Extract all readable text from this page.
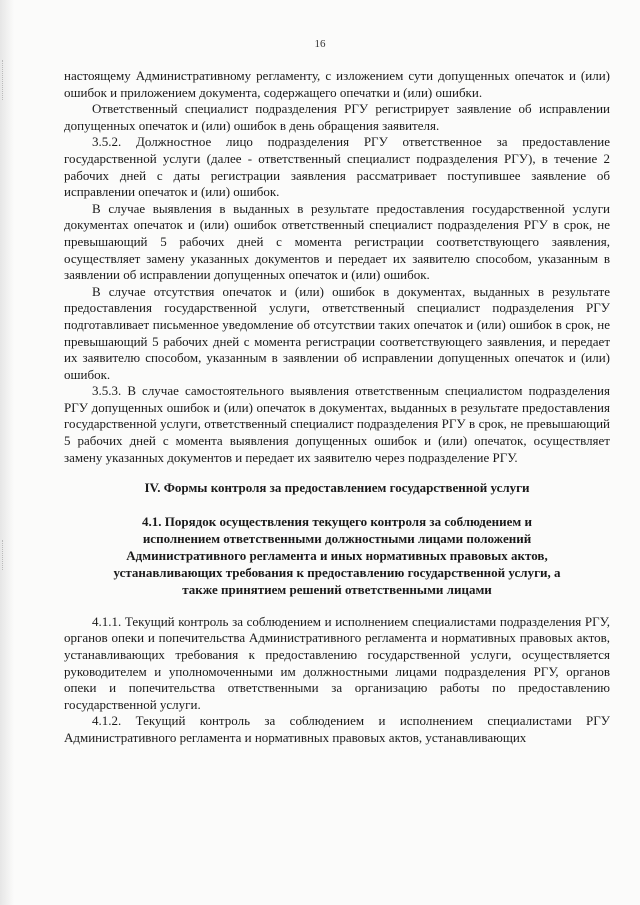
16

настоящему Административному регламенту, с изложением сути допущенных опечаток и (или) ошибок и приложением документа, содержащего опечатки и (или) ошибки.

Ответственный специалист подразделения РГУ регистрирует заявление об исправлении допущенных опечаток и (или) ошибок в день обращения заявителя.

3.5.2. Должностное лицо подразделения РГУ ответственное за предоставление государственной услуги (далее - ответственный специалист подразделения РГУ), в течение 2 рабочих дней с даты регистрации заявления рассматривает поступившее заявление об исправлении опечаток и (или) ошибок.

В случае выявления в выданных в результате предоставления государственной услуги документах опечаток и (или) ошибок ответственный специалист подразделения РГУ в срок, не превышающий 5 рабочих дней с момента регистрации соответствующего заявления, осуществляет замену указанных документов и передает их заявителю способом, указанным в заявлении об исправлении допущенных опечаток и (или) ошибок.

В случае отсутствия опечаток и (или) ошибок в документах, выданных в результате предоставления государственной услуги, ответственный специалист подразделения РГУ подготавливает письменное уведомление об отсутствии таких опечаток и (или) ошибок в срок, не превышающий 5 рабочих дней с момента регистрации соответствующего заявления, и передает их заявителю способом, указанным в заявлении об исправлении допущенных опечаток и (или) ошибок.

3.5.3. В случае самостоятельного выявления ответственным специалистом подразделения РГУ допущенных ошибок и (или) опечаток в документах, выданных в результате предоставления государственной услуги, ответственный специалист подразделения РГУ в срок, не превышающий 5 рабочих дней с момента выявления допущенных ошибок и (или) опечаток, осуществляет замену указанных документов и передает их заявителю через подразделение РГУ.

IV. Формы контроля за предоставлением государственной услуги

4.1. Порядок осуществления текущего контроля за соблюдением и исполнением ответственными должностными лицами положений Административного регламента и иных нормативных правовых актов, устанавливающих требования к предоставлению государственной услуги, а также принятием решений ответственными лицами

4.1.1. Текущий контроль за соблюдением и исполнением специалистами подразделения РГУ, органов опеки и попечительства Административного регламента и нормативных правовых актов, устанавливающих требования к предоставлению государственной услуги, осуществляется руководителем и уполномоченными им должностными лицами подразделения РГУ, органов опеки и попечительства ответственными за организацию работы по предоставлению государственной услуги.

4.1.2. Текущий контроль за соблюдением и исполнением специалистами РГУ Административного регламента и нормативных правовых актов, устанавливающих
